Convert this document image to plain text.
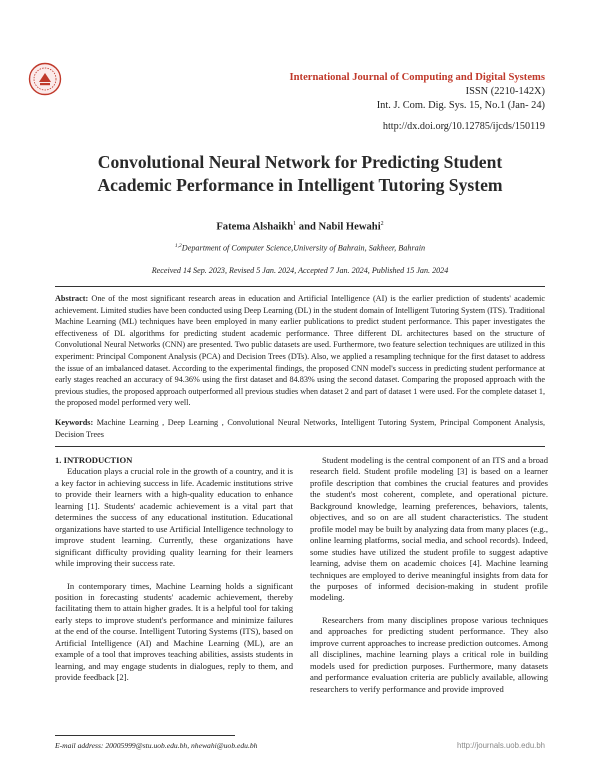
International Journal of Computing and Digital Systems
ISSN (2210-142X)
Int. J. Com. Dig. Sys. 15, No.1 (Jan- 24)
http://dx.doi.org/10.12785/ijcds/150119
Convolutional Neural Network for Predicting Student
Academic Performance in Intelligent Tutoring System
Fatema Alshaikh$^1$ and Nabil Hewahi$^2$
$^{1,2}$Department of Computer Science,University of Bahrain, Sakheer, Bahrain
Received 14 Sep. 2023, Revised 5 Jan. 2024, Accepted 7 Jan. 2024, Published 15 Jan. 2024
Abstract: One of the most significant research areas in education and Artificial Intelligence (AI) is the earlier prediction of students' academic achievement. Limited studies have been conducted using Deep Learning (DL) in the student domain of Intelligent Tutoring System (ITS). Traditional Machine Learning (ML) techniques have been employed in many earlier publications to predict student performance. This paper investigates the effectiveness of DL algorithms for predicting student academic performance. Three different DL architectures based on the structure of Convolutional Neural Networks (CNN) are presented. Two public datasets are used. Furthermore, two feature selection techniques are utilized in this experiment: Principal Component Analysis (PCA) and Decision Trees (DTs). Also, we applied a resampling technique for the first dataset to address the issue of an imbalanced dataset. According to the experimental findings, the proposed CNN model's success in predicting student performance at early stages reached an accuracy of 94.36% using the first dataset and 84.83% using the second dataset. Comparing the proposed approach with the previous studies, the proposed approach outperformed all previous studies when dataset 2 and part of dataset 1 were used. For the complete dataset 1, the proposed model performed very well.
Keywords: Machine Learning , Deep Learning , Convolutional Neural Networks, Intelligent Tutoring System, Principal Component Analysis, Decision Trees
1. INTRODUCTION

Education plays a crucial role in the growth of a country, and it is a key factor in achieving success in life. Academic institutions strive to provide their learners with a high-quality education to enhance learning [1]. Students' academic achievement is a vital part that determines the success of any educational institution. Educational organizations have started to use Artificial Intelligence technology to improve student learning. Currently, these organizations have significant difficulty providing quality learning for their learners while improving their success rate.

In contemporary times, Machine Learning holds a significant position in forecasting students' academic achievement, thereby facilitating them to attain higher grades. It is a helpful tool for taking early steps to improve student's performance and minimize failures at the end of the course. Intelligent Tutoring Systems (ITS), based on Artificial Intelligence (AI) and Machine Learning (ML), are an example of a tool that improves teaching abilities, assists students in learning, and may engage students in dialogues, reply to them, and provide feedback [2].

Student modeling is the central component of an ITS and a broad research field. Student profile modeling [3] is based on a learner profile description that combines the crucial features and provides the student's most coherent, complete, and operational picture. Background knowledge, learning preferences, behaviors, talents, objectives, and so on are all student characteristics. The student profile model may be built by analyzing data from many places (e.g., online learning platforms, social media, and school records). Indeed, some studies have utilized the student profile to suggest adaptive learning, advise them on academic choices [4]. Machine learning techniques are employed to derive meaningful insights from data for the purposes of informed decision-making in student profile modeling.

Researchers from many disciplines propose various techniques and approaches for predicting student performance. They also improve current approaches to increase prediction outcomes. Among all disciplines, machine learning plays a critical role in building models used for prediction purposes. Furthermore, many datasets and performance evaluation criteria are publicly available, allowing researchers to verify performance and provide improved

E-mail address: 20005999@stu.uob.edu.bh, nhewahi@uob.edu.bh	http://journals.uob.edu.bh
